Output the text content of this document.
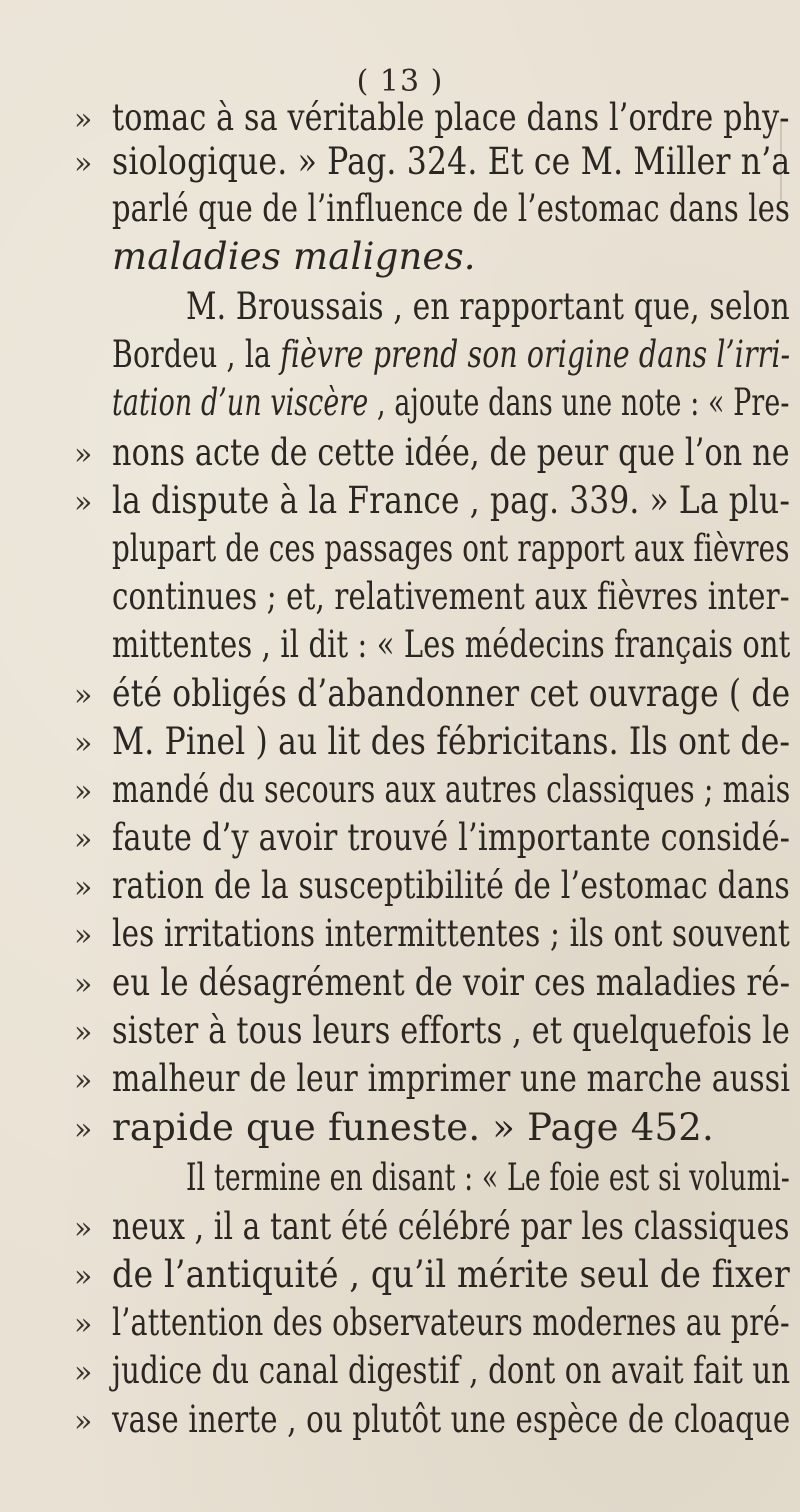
( 13 )
» tomac à sa véritable place dans l’ordre phy-
» siologique. » Pag. 324. Et ce M. Miller n’a
parlé que de l’influence de l’estomac dans les
maladies malignes.
M. Broussais , en rapportant que, selon
Bordeu , la fièvre prend son origine dans l’irri-
tation d’un viscère , ajoute dans une note : « Pre-
» nons acte de cette idée, de peur que l’on ne
» la dispute à la France , pag. 339. » La plu-
plupart de ces passages ont rapport aux fièvres
continues ; et, relativement aux fièvres inter-
mittentes , il dit : « Les médecins français ont
» été obligés d’abandonner cet ouvrage ( de
» M. Pinel ) au lit des fébricitans. Ils ont de-
» mandé du secours aux autres classiques ; mais
» faute d’y avoir trouvé l’importante considé-
» ration de la susceptibilité de l’estomac dans
» les irritations intermittentes ; ils ont souvent
» eu le désagrément de voir ces maladies ré-
» sister à tous leurs efforts , et quelquefois le
» malheur de leur imprimer une marche aussi
» rapide que funeste. » Page 452.
Il termine en disant : « Le foie est si volumi-
» neux , il a tant été célébré par les classiques
» de l’antiquité , qu’il mérite seul de fixer
» l’attention des observateurs modernes au pré-
» judice du canal digestif , dont on avait fait un
» vase inerte , ou plutôt une espèce de cloaque
